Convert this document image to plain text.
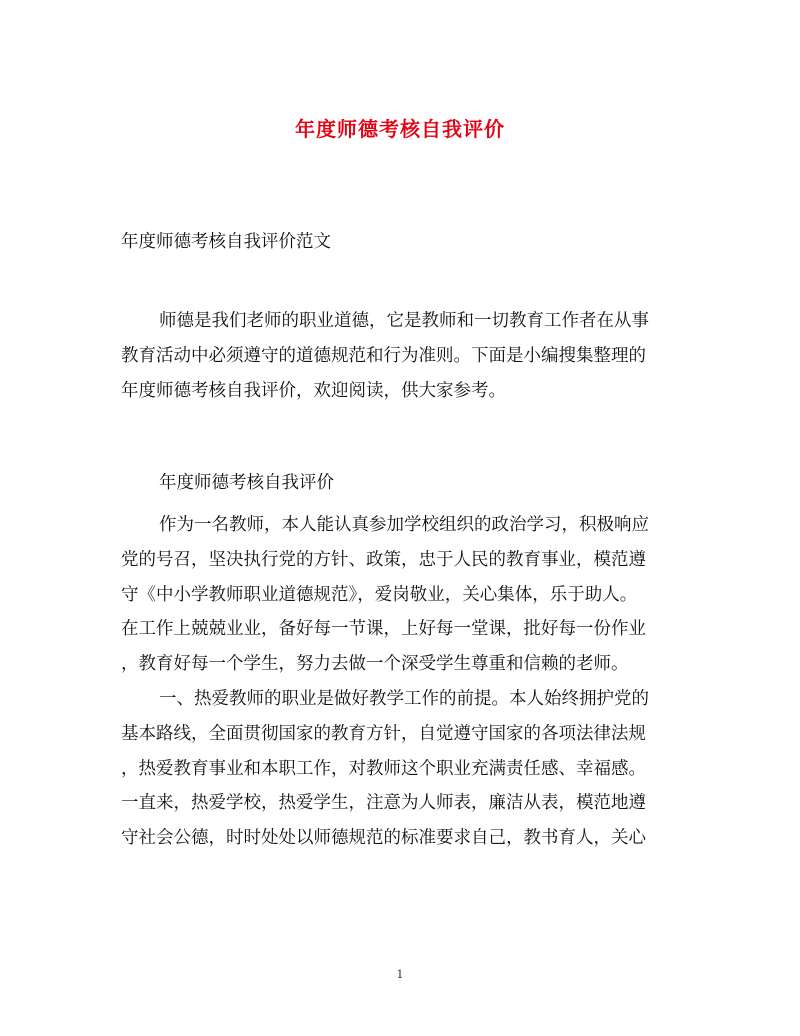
年度师德考核自我评价

年度师德考核自我评价范文

师德是我们老师的职业道德，它是教师和一切教育工作者在从事
教育活动中必须遵守的道德规范和行为准则。下面是小编搜集整理的
年度师德考核自我评价，欢迎阅读，供大家参考。
年度师德考核自我评价
作为一名教师，本人能认真参加学校组织的政治学习，积极响应
党的号召，坚决执行党的方针、政策，忠于人民的教育事业，模范遵
守《中小学教师职业道德规范》，爱岗敬业，关心集体，乐于助人。
在工作上兢兢业业，备好每一节课，上好每一堂课，批好每一份作业
，教育好每一个学生，努力去做一个深受学生尊重和信赖的老师。
一、热爱教师的职业是做好教学工作的前提。本人始终拥护党的
基本路线，全面贯彻国家的教育方针，自觉遵守国家的各项法律法规
，热爱教育事业和本职工作，对教师这个职业充满责任感、幸福感。
一直来，热爱学校，热爱学生，注意为人师表，廉洁从表，模范地遵
守社会公德，时时处处以师德规范的标准要求自己，教书育人，关心
1
